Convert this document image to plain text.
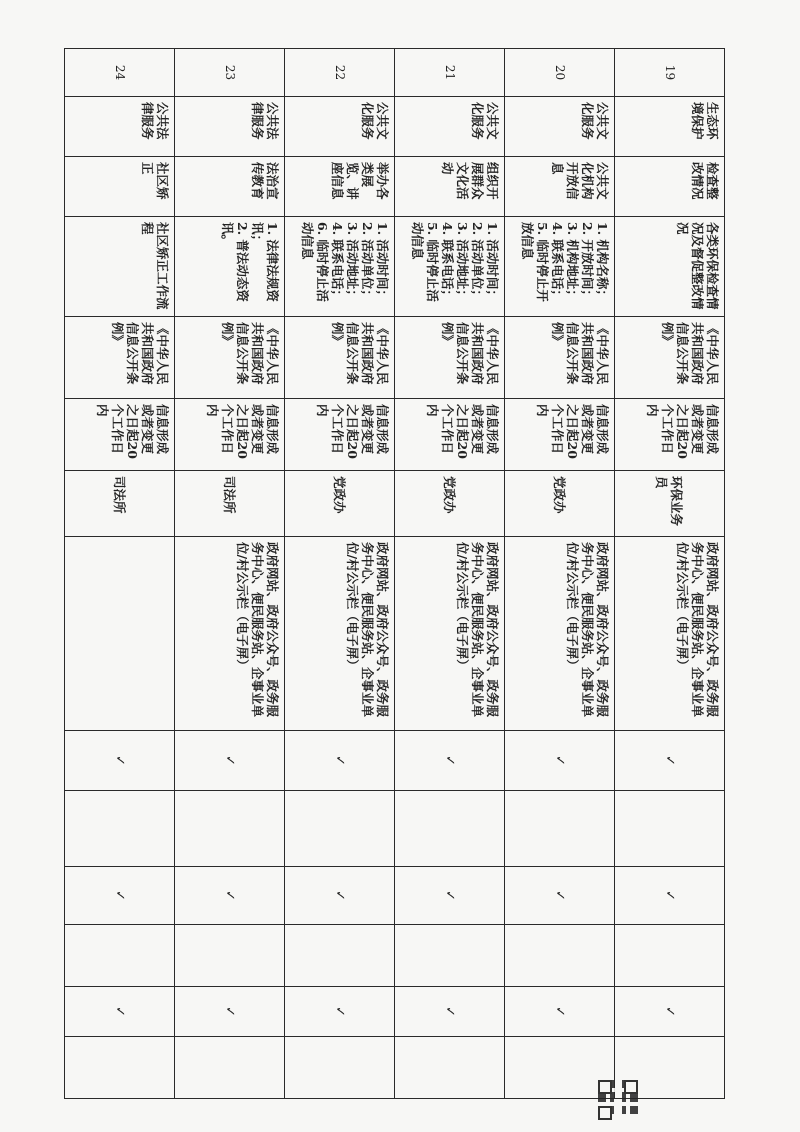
19	生态环境保护	检查整改情况	各类环保检查情况及督促整改情况	《中华人民共和国政府信息公开条例》	信息形成或者变更之日起20个工作日内	环保业务员	政府网站、政府公众号、政务服务中心、便民服务站、企事业单位/村公示栏（电子屏）	✓		✓		✓	
20	公共文化服务	公共文化机构开放信息	1. 机构名称；
2. 开放时间；
3. 机构地址；
4. 联系电话；
5. 临时停止开放信息	《中华人民共和国政府信息公开条例》	信息形成或者变更之日起20个工作日内	党政办	政府网站、政府公众号、政务服务中心、便民服务站、企事业单位/村公示栏（电子屏）	✓		✓		✓	
21	公共文化服务	组织开展群众文化活动	1. 活动时间；
2. 活动单位；
3. 活动地址；
4. 联系电话；
5. 临时停止活动信息	《中华人民共和国政府信息公开条例》	信息形成或者变更之日起20个工作日内	党政办	政府网站、政府公众号、政务服务中心、便民服务站、企事业单位/村公示栏（电子屏）	✓		✓		✓	
22	公共文化服务	举办各类展览、讲座信息	1. 活动时间；
2. 活动单位；
3. 活动地址；
4. 联系电话；
6. 临时停止活动信息	《中华人民共和国政府信息公开条例》	信息形成或者变更之日起20个工作日内	党政办	政府网站、政府公众号、政务服务中心、便民服务站、企事业单位/村公示栏（电子屏）	✓		✓		✓	
23	公共法律服务	法治宣传教育	1. 法律法规资讯；
2. 普法动态资讯。	《中华人民共和国政府信息公开条例》	信息形成或者变更之日起20个工作日内	司法所	政府网站、政府公众号、政务服务中心、便民服务站、企事业单位/村公示栏（电子屏）	✓		✓		✓	
24	公共法律服务	社区矫正	社区矫正工作流程	《中华人民共和国政府信息公开条例》	信息形成或者变更之日起20个工作日内	司法所		✓		✓		✓	
